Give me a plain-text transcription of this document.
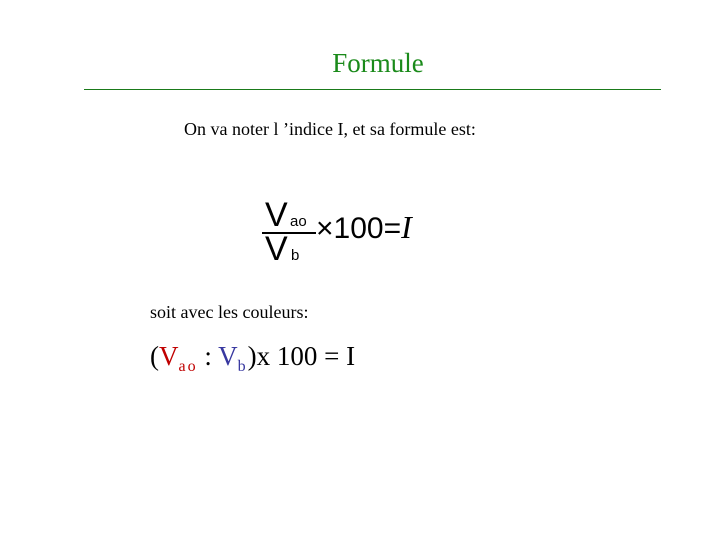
Formule
On va noter l ’indice I, et sa formule est:
V ao
V b
×100=I
soit avec les couleurs:
($V_{ao}$ : $V_b)x$ 100 = I
